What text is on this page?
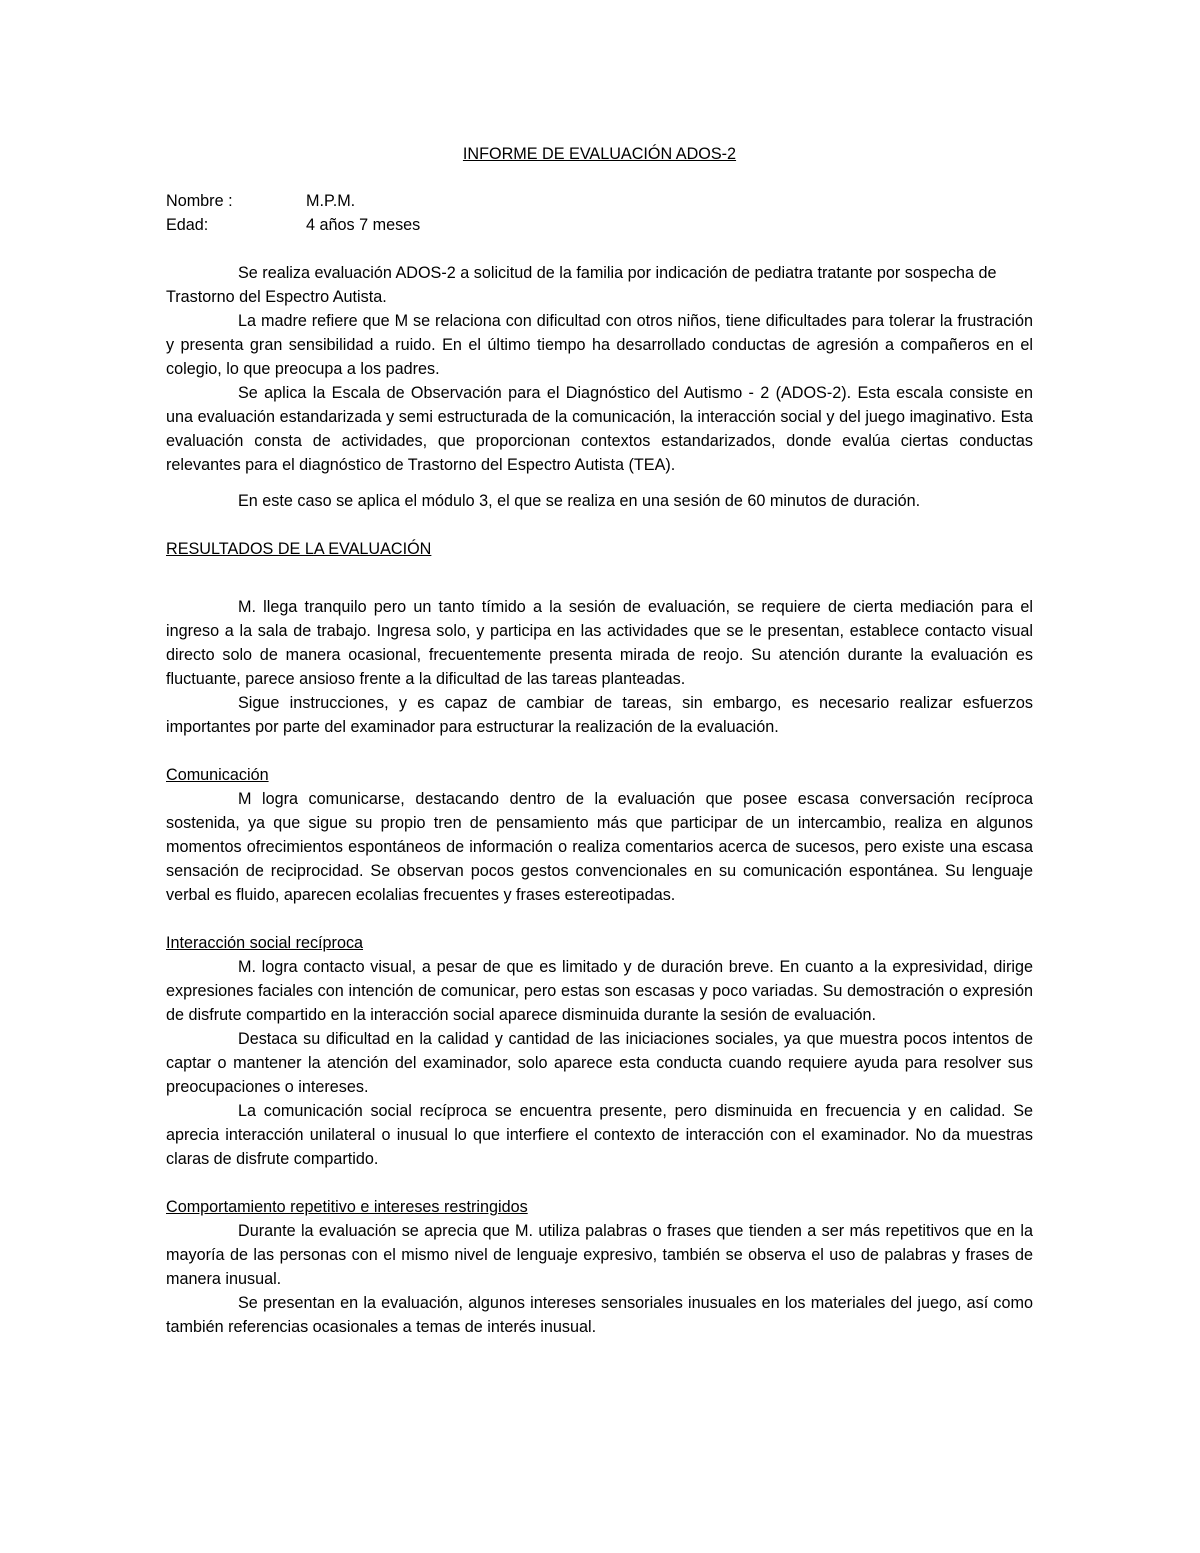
INFORME DE EVALUACIÓN ADOS-2
Nombre :	M.P.M.
Edad:	4 años 7 meses

Se realiza evaluación ADOS-2 a solicitud de la familia por indicación de pediatra tratante por sospecha de Trastorno del Espectro Autista.

La madre refiere que M se relaciona con dificultad con otros niños, tiene dificultades para tolerar la frustración y presenta gran sensibilidad a ruido. En el último tiempo ha desarrollado conductas de agresión a compañeros en el colegio, lo que preocupa a los padres.

Se aplica la Escala de Observación para el Diagnóstico del Autismo - 2 (ADOS-2). Esta escala consiste en una evaluación estandarizada y semi estructurada de la comunicación, la interacción social y del juego imaginativo. Esta evaluación consta de actividades, que proporcionan contextos estandarizados, donde evalúa ciertas conductas relevantes para el diagnóstico de Trastorno del Espectro Autista (TEA).

En este caso se aplica el módulo 3, el que se realiza en una sesión de 60 minutos de duración.

RESULTADOS DE LA EVALUACIÓN

M. llega tranquilo pero un tanto tímido a la sesión de evaluación, se requiere de cierta mediación para el ingreso a la sala de trabajo. Ingresa solo, y participa en las actividades que se le presentan, establece contacto visual directo solo de manera ocasional, frecuentemente presenta mirada de reojo. Su atención durante la evaluación es fluctuante, parece ansioso frente a la dificultad de las tareas planteadas.

Sigue instrucciones, y es capaz de cambiar de tareas, sin embargo, es necesario realizar esfuerzos importantes por parte del examinador para estructurar la realización de la evaluación.

Comunicación

M logra comunicarse, destacando dentro de la evaluación que posee escasa conversación recíproca sostenida, ya que sigue su propio tren de pensamiento más que participar de un intercambio, realiza en algunos momentos ofrecimientos espontáneos de información o realiza comentarios acerca de sucesos, pero existe una escasa sensación de reciprocidad. Se observan pocos gestos convencionales en su comunicación espontánea. Su lenguaje verbal es fluido, aparecen ecolalias frecuentes y frases estereotipadas.

Interacción social recíproca

M. logra contacto visual, a pesar de que es limitado y de duración breve. En cuanto a la expresividad, dirige expresiones faciales con intención de comunicar, pero estas son escasas y poco variadas. Su demostración o expresión de disfrute compartido en la interacción social aparece disminuida durante la sesión de evaluación.

Destaca su dificultad en la calidad y cantidad de las iniciaciones sociales, ya que muestra pocos intentos de captar o mantener la atención del examinador, solo aparece esta conducta cuando requiere ayuda para resolver sus preocupaciones o intereses.

La comunicación social recíproca se encuentra presente, pero disminuida en frecuencia y en calidad. Se aprecia interacción unilateral o inusual lo que interfiere el contexto de interacción con el examinador. No da muestras claras de disfrute compartido.

Comportamiento repetitivo e intereses restringidos

Durante la evaluación se aprecia que M. utiliza palabras o frases que tienden a ser más repetitivos que en la mayoría de las personas con el mismo nivel de lenguaje expresivo, también se observa el uso de palabras y frases de manera inusual.

Se presentan en la evaluación, algunos intereses sensoriales inusuales en los materiales del juego, así como también referencias ocasionales a temas de interés inusual.
